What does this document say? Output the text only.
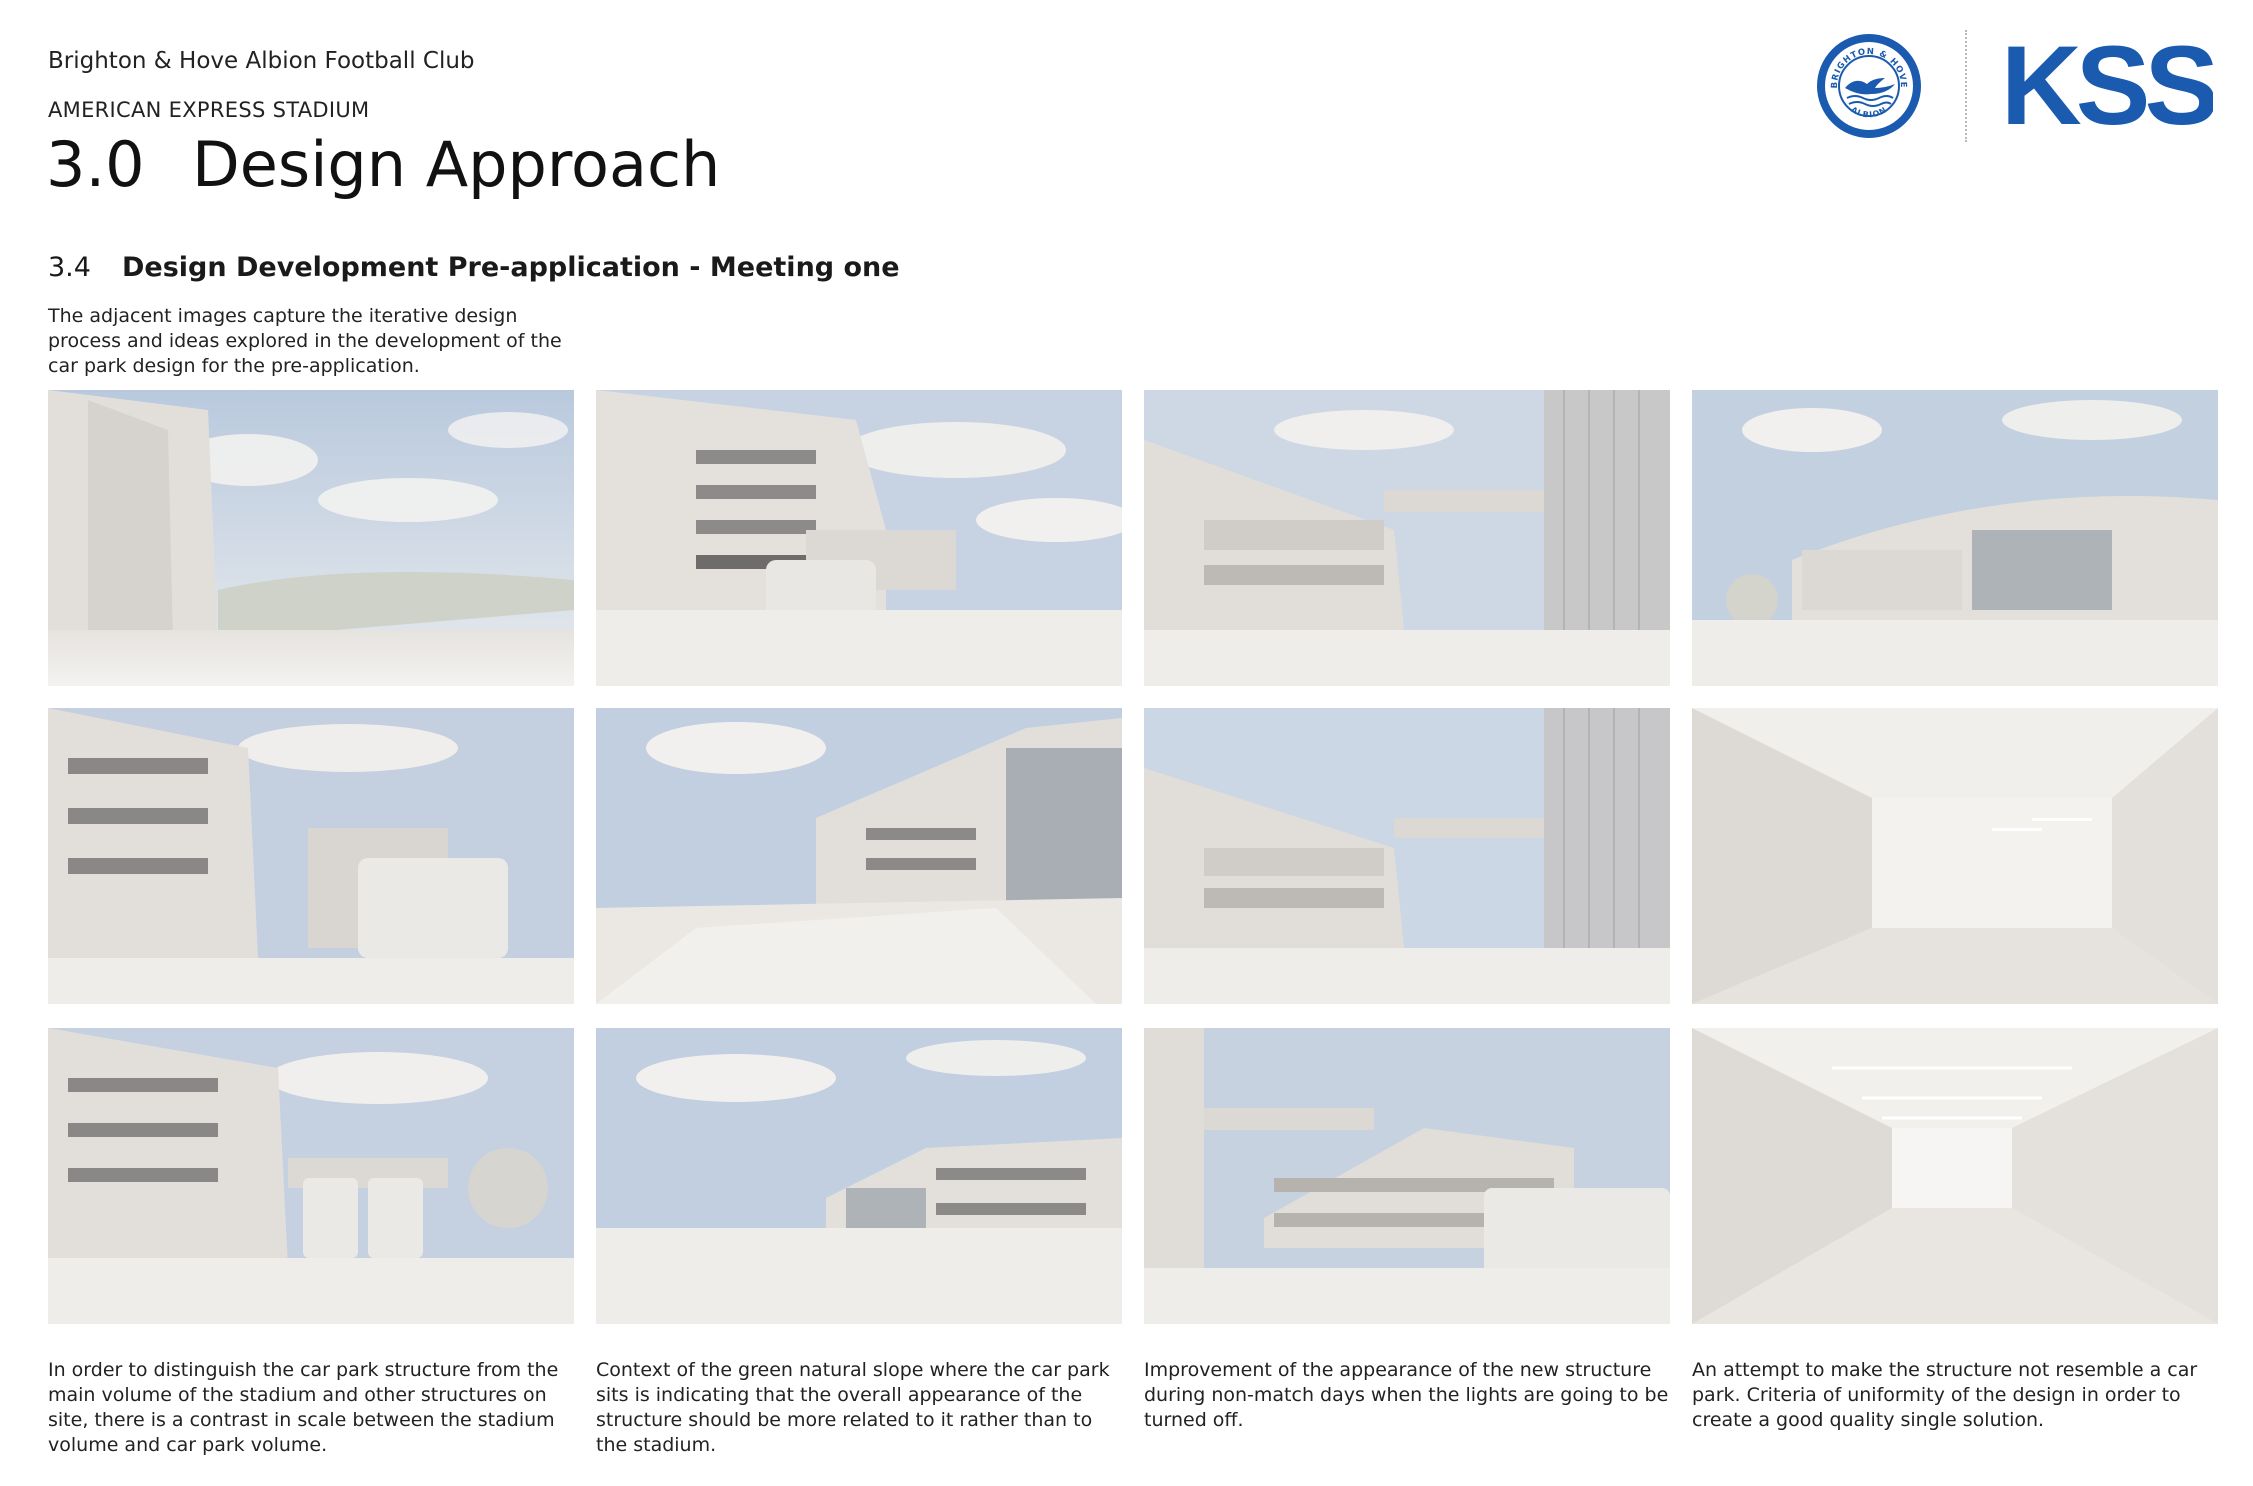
Brighton & Hove Albion Football Club
AMERICAN EXPRESS STADIUM
3.0 Design Approach
BRIGHTON & HOVE
ALBION KSS
3.4 Design Development Pre-application - Meeting one
The adjacent images capture the iterative design process and ideas explored in the development of the car park design for the pre-application.
In order to distinguish the car park structure from the main volume of the stadium and other structures on site, there is a contrast in scale between the stadium volume and car park volume.
Context of the green natural slope where the car park sits is indicating that the overall appearance of the structure should be more related to it rather than to the stadium.
Improvement of the appearance of the new structure during non-match days when the lights are going to be turned off.
An attempt to make the structure not resemble a car park. Criteria of uniformity of the design in order to create a good quality single solution.
